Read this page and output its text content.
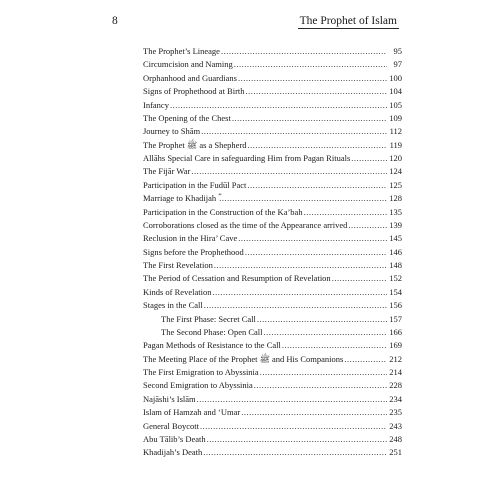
8	The Prophet of Islam
The Prophet’s Lineage .....	95
Circumcision and Naming .....	97
Orphanhood and Guardians .....	100
Signs of Prophethood at Birth .....	104
Infancy .....	105
The Opening of the Chest .....	109
Journey to Shām .....	112
The Prophet ﷺ as a Shepherd .....	119
Allāhs Special Care in safeguarding Him from Pagan Rituals .....	120
The Fijār War .....	124
Participation in the Fudūl Pact .....	125
Marriage to Khadijah ؓ .....	128
Participation in the Construction of the Ka’bah .....	135
Corroborations closed as the time of the Appearance arrived .....	139
Reclusion in the Hira’ Cave .....	145
Signs before the Prophethood .....	146
The First Revelation .....	148
The Period of Cessation and Resumption of Revelation .....	152
Kinds of Revelation .....	154
Stages in the Call .....	156
The First Phase: Secret Call .....	157
The Second Phase: Open Call .....	166
Pagan Methods of Resistance to the Call .....	169
The Meeting Place of the Prophet ﷺ and His Companions .....	212
The First Emigration to Abyssinia .....	214
Second Emigration to Abyssinia .....	228
Najāshi’s Islām .....	234
Islam of Hamzah and ‘Umar .....	235
General Boycott .....	243
Abu Tālib’s Death .....	248
Khadijah’s Death .....	251
